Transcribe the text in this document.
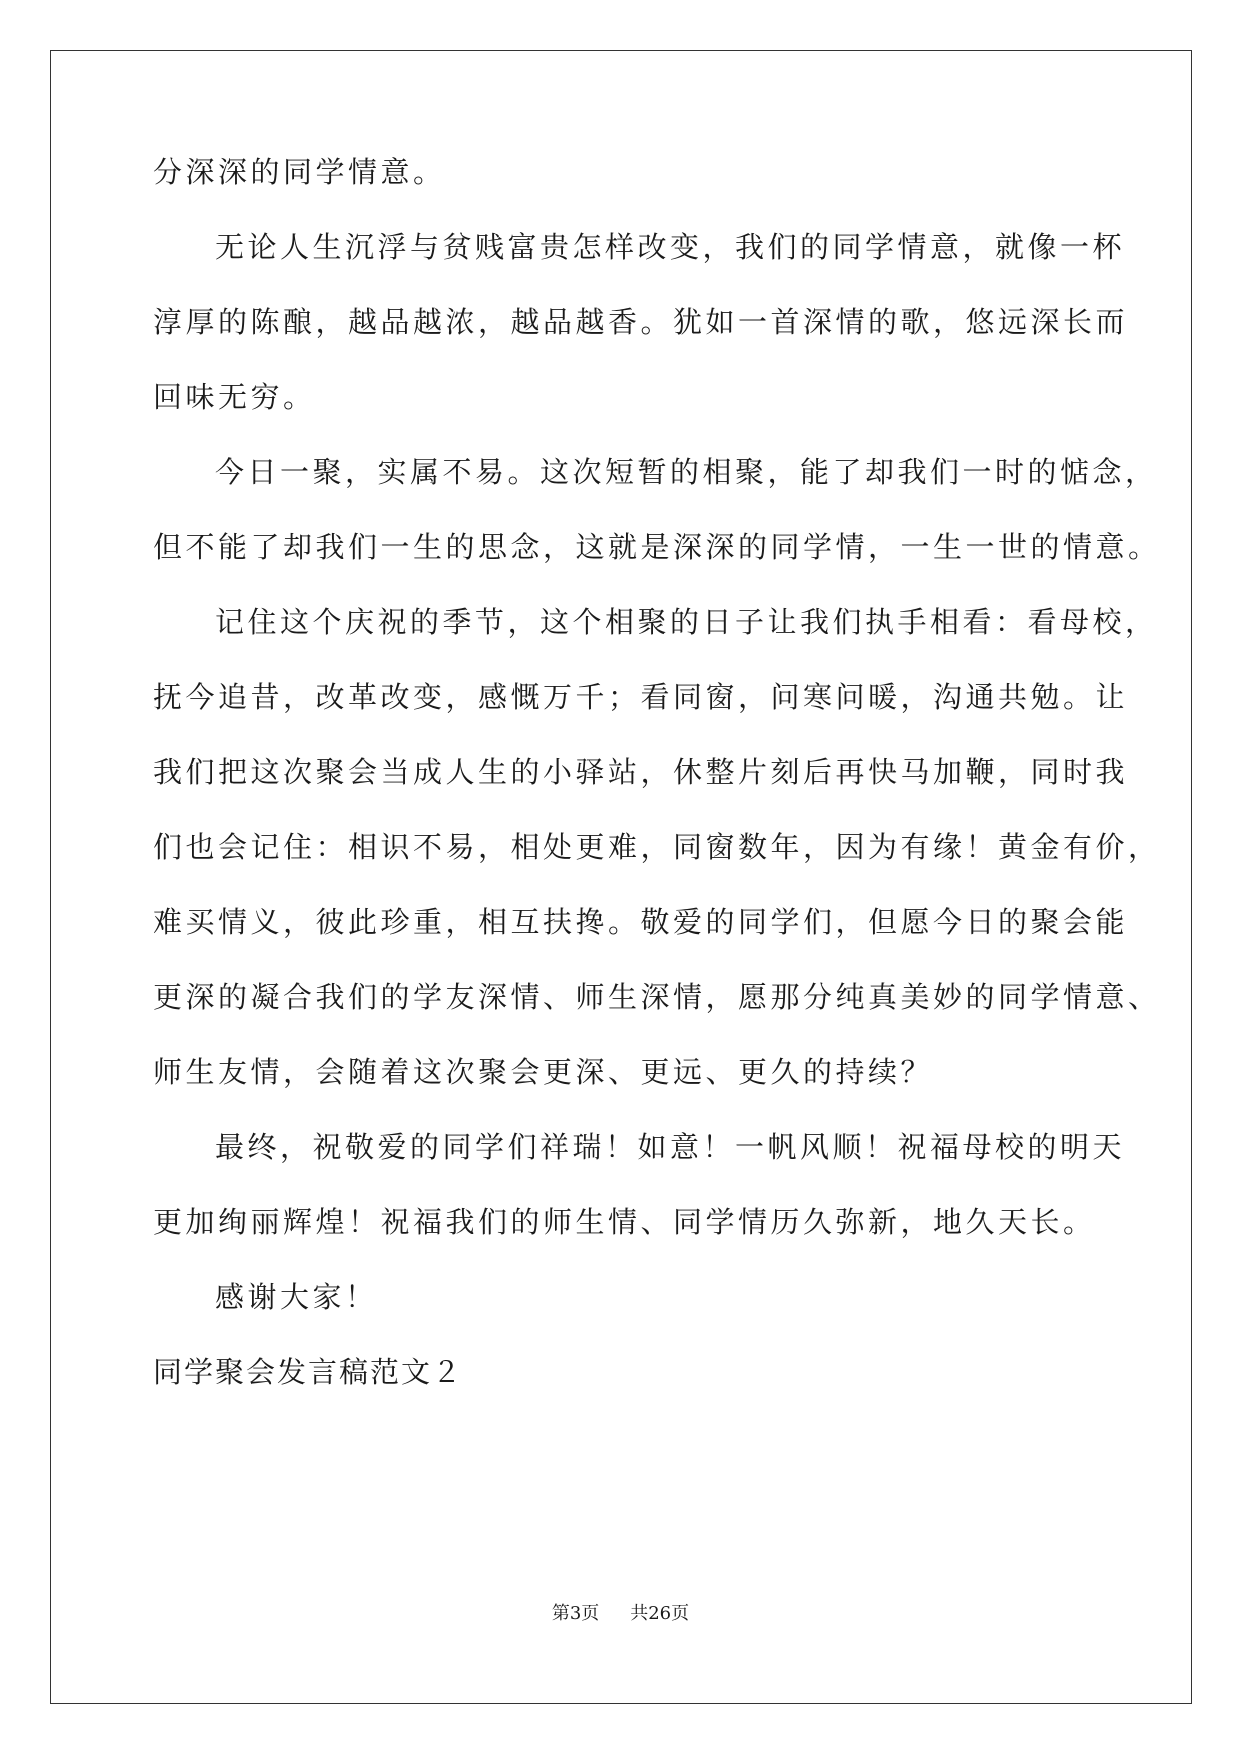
分深深的同学情意。

无论人生沉浮与贫贱富贵怎样改变，我们的同学情意，就像一杯

淳厚的陈酿，越品越浓，越品越香。犹如一首深情的歌，悠远深长而

回味无穷。

今日一聚，实属不易。这次短暂的相聚，能了却我们一时的惦念，

但不能了却我们一生的思念，这就是深深的同学情，一生一世的情意。

记住这个庆祝的季节，这个相聚的日子让我们执手相看：看母校，

抚今追昔，改革改变，感慨万千；看同窗，问寒问暖，沟通共勉。让

我们把这次聚会当成人生的小驿站，休整片刻后再快马加鞭，同时我

们也会记住：相识不易，相处更难，同窗数年，因为有缘！黄金有价，

难买情义，彼此珍重，相互扶搀。敬爱的同学们，但愿今日的聚会能

更深的凝合我们的学友深情、师生深情，愿那分纯真美妙的同学情意、

师生友情，会随着这次聚会更深、更远、更久的持续？

最终，祝敬爱的同学们祥瑞！如意！一帆风顺！祝福母校的明天

更加绚丽辉煌！祝福我们的师生情、同学情历久弥新，地久天长。

感谢大家！

同学聚会发言稿范文２

第3页 共26页
